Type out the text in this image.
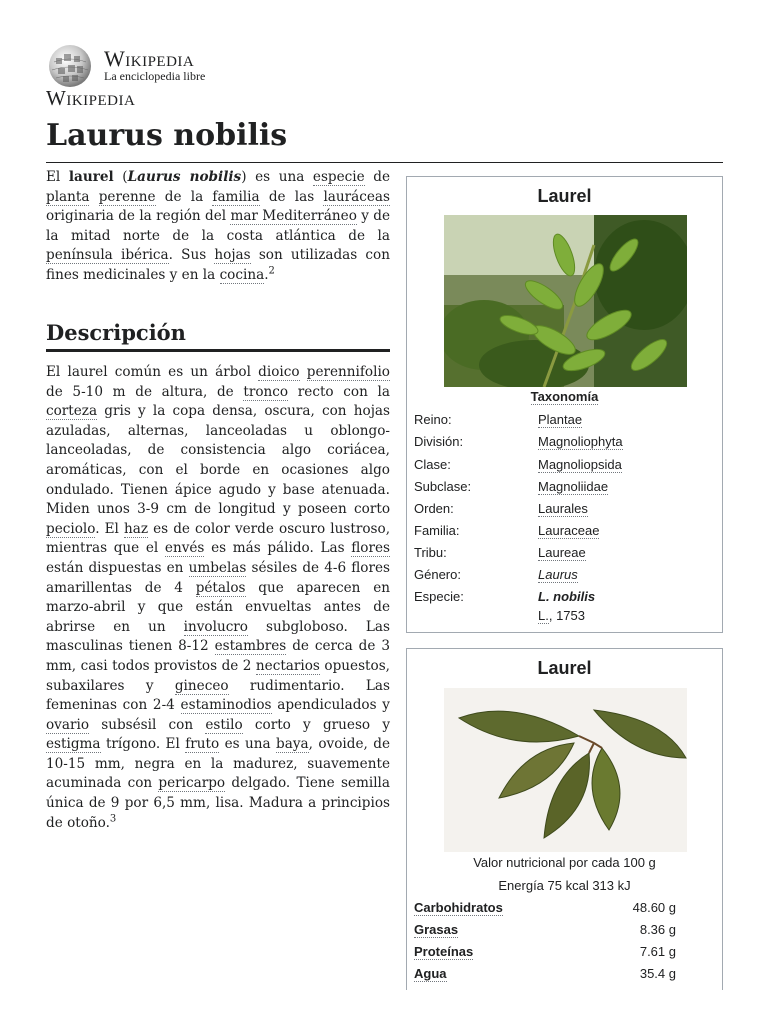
Wikipedia
La enciclopedia libre
Wikipedia
Laurus nobilis
El laurel (Laurus nobilis) es una especie de planta perenne de la familia de las lauráceas originaria de la región del mar Mediterráneo y de la mitad norte de la costa atlántica de la península ibérica. Sus hojas son utilizadas con fines medicinales y en la cocina.$^2$
Descripción
El laurel común es un árbol dioico perennifolio de 5-10 m de altura, de tronco recto con la corteza gris y la copa densa, oscura, con hojas azuladas, alternas, lanceoladas u oblongo-lanceoladas, de consistencia algo coriácea, aromáticas, con el borde en ocasiones algo ondulado. Tienen ápice agudo y base atenuada. Miden unos 3-9 cm de longitud y poseen corto peciolo. El haz es de color verde oscuro lustroso, mientras que el envés es más pálido. Las flores están dispuestas en umbelas sésiles de 4-6 flores amarillentas de 4 pétalos que aparecen en marzo-abril y que están envueltas antes de abrirse en un involucro subgloboso. Las masculinas tienen 8-12 estambres de cerca de 3 mm, casi todos provistos de 2 nectarios opuestos, subaxilares y gineceo rudimentario. Las femeninas con 2-4 estaminodios apendiculados y ovario subsésil con estilo corto y grueso y estigma trígono. El fruto es una baya, ovoide, de 10-15 mm, negra en la madurez, suavemente acuminada con pericarpo delgado. Tiene semilla única de 9 por 6,5 mm, lisa. Madura a principios de otoño.$^3$
Laurel
Taxonomía
Reino:	Plantae
División:	Magnoliophyta
Clase:	Magnoliopsida
Subclase:	Magnoliidae
Orden:	Laurales
Familia:	Lauraceae
Tribu:	Laureae
Género:	Laurus
Especie:	L. nobilis
L., 1753
Laurel
Valor nutricional por cada 100 g
Energía 75 kcal 313 kJ
Carbohidratos	48.60 g
Grasas	8.36 g
Proteínas	7.61 g
Agua	35.4 g
